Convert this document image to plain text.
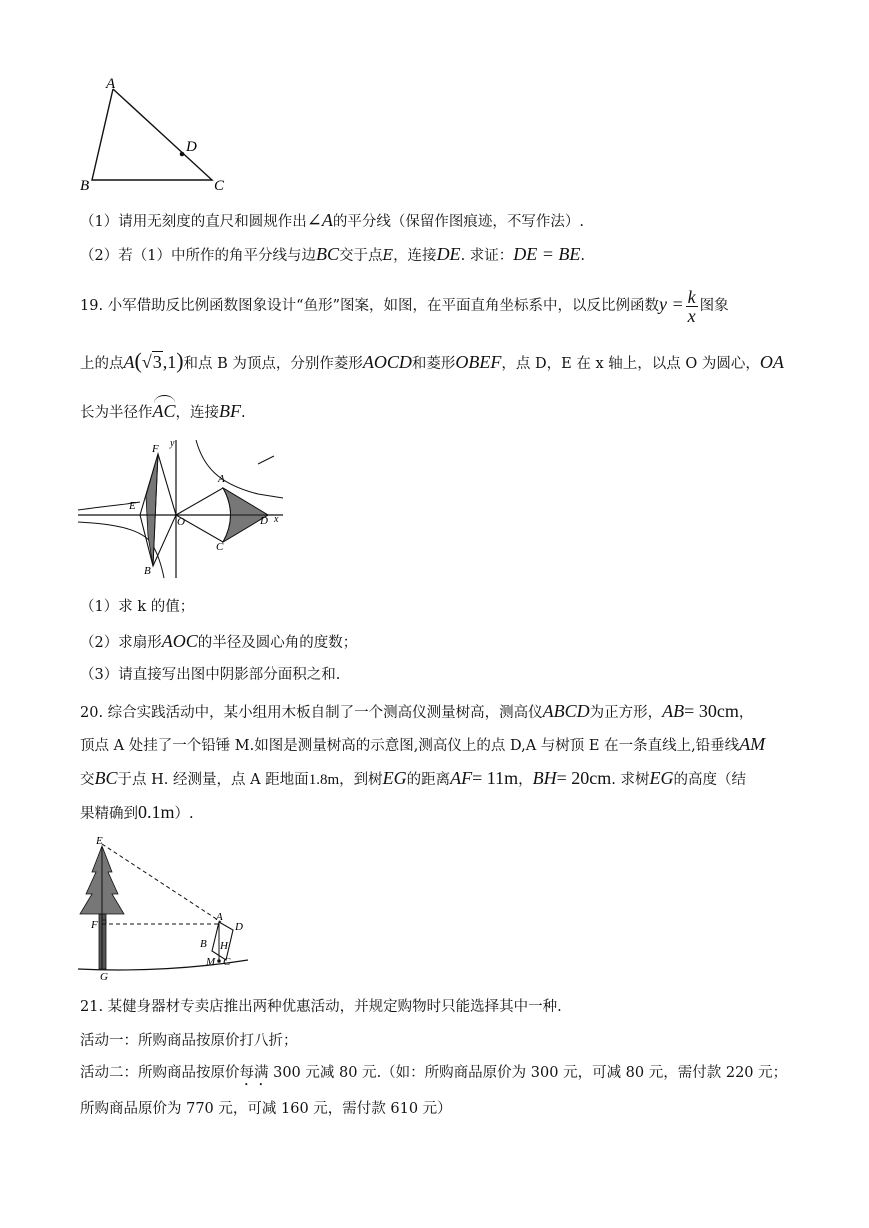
A
B	C
D
（1）请用无刻度的直尺和圆规作出∠A的平分线（保留作图痕迹，不写作法）.
（2）若（1）中所作的角平分线与边BC交于点E，连接DE. 求证：DE = BE.
19. 小军借助反比例函数图象设计“鱼形”图案，如图，在平面直角坐标系中，以反比例函数$y = \frac{k}{x}$ 图象
上的点A(√3,1)和点 B 为顶点，分别作菱形AOCD和菱形OBEF，点 D，E 在 x 轴上，以点 O 为圆心，OA
长为半径作AC，连接BF.
F
E
O
B
A
C
D x
y
（1）求 k 的值；
（2）求扇形AOC的半径及圆心角的度数；
（3）请直接写出图中阴影部分面积之和.
20. 综合实践活动中，某小组用木板自制了一个测高仪测量树高，测高仪ABCD为正方形，AB= 30cm，
顶点 A 处挂了一个铅锤 M.如图是测量树高的示意图,测高仪上的点 D,A 与树顶 E 在一条直线上,铅垂线AM
交BC于点 H. 经测量，点 A 距地面1.8m，到树EG的距离AF= 11m，BH= 20cm. 求树EG的高度（结
果精确到0.1m）.
E
F
G
A
B H
D
M C
21. 某健身器材专卖店推出两种优惠活动，并规定购物时只能选择其中一种.
活动一：所购商品按原价打八折；
活动二：所购商品按原价每满 300 元减 80 元.（如：所购商品原价为 300 元，可减 80 元，需付款 220 元；
所购商品原价为 770 元，可减 160 元，需付款 610 元）
